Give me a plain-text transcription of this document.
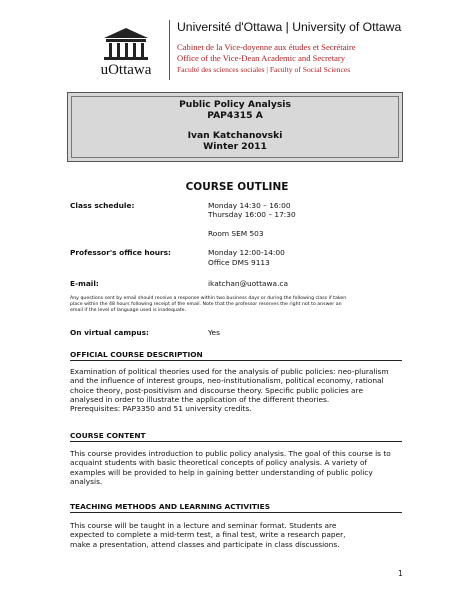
uOttawa
Université d'Ottawa | University of Ottawa
Cabinet de la Vice-doyenne aux études et Secrétaire
Office of the Vice-Dean Academic and Secretary
Faculté des sciences sociales | Faculty of Social Sciences
Public Policy Analysis
PAP4315 A
Ivan Katchanovski
Winter 2011
COURSE OUTLINE
Class schedule:	Monday 14:30 – 16:00
Thursday 16:00 – 17:30
Room SEM 503
Professor's office hours:	Monday 12:00-14:00
Office DMS 9113
E-mail:	ikatchan@uottawa.ca
Any questions sent by email should receive a response within two business days or during the following class if taken
place within the 48 hours following receipt of the email. Note that the professor reserves the right not to answer an
email if the level of language used is inadequate.
On virtual campus:	Yes
OFFICIAL COURSE DESCRIPTION
Examination of political theories used for the analysis of public policies: neo-pluralism
and the influence of interest groups, neo-institutionalism, political economy, rational
choice theory, post-positivism and discourse theory. Specific public policies are
analysed in order to illustrate the application of the different theories.
Prerequisites: PAP3350 and 51 university credits.
COURSE CONTENT
This course provides introduction to public policy analysis. The goal of this course is to
acquaint students with basic theoretical concepts of policy analysis. A variety of
examples will be provided to help in gaining better understanding of public policy
analysis.
TEACHING METHODS AND LEARNING ACTIVITIES
This course will be taught in a lecture and seminar format. Students are
expected to complete a mid-term test, a final test, write a research paper,
make a presentation, attend classes and participate in class discussions.
1
